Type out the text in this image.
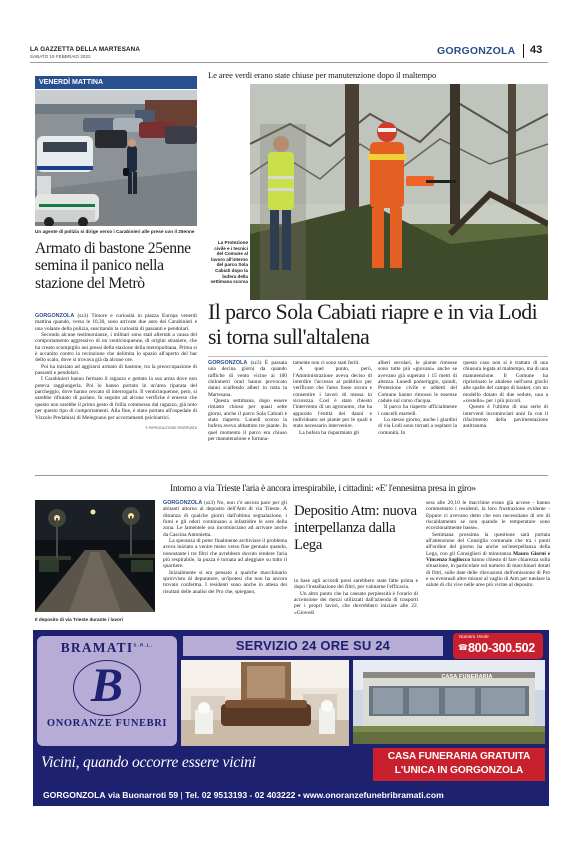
LA GAZZETTA DELLA MARTESANA
SABATO 19 FEBBRAIO 2022	GORGONZOLA 43
VENERDÌ MATTINA
Un agente di polizia si dirige verso i Carabinieri alle prese con il 25enne
Armato di bastone 25enne semina il panico nella stazione del Metrò

GORGONZOLA (sz3) Timore e curiosità in piazza Europa venerdì mattina quando, verso le 10,30, sono arrivate due auto dei Carabinieri e una volante della polizia, suscitando la curiosità di passanti e pendolari.

Secondo alcune testimonianze, i militari sono stati allertati a causa del comportamento aggressivo di un venticinquenne, di origini straniere, che ha creato scompiglio nei pressi della stazione della metropolitana. Prima si è accanito contro la recinzione che delimita lo spazio all'aperto del bar dello scalo, dove si trovava già da alcune ore.

Poi ha iniziato ad aggirarsi armato di bastone, tra la preoccupazione di passanti e pendolari.

I Carabinieri hanno fermato il ragazzo e gettato la sua arma dove non poteva raggiungerla. Poi lo hanno portato in un'area riparata del parcheggio, dove hanno cercato di interrogarlo. Il venticinquenne, però, si sarebbe rifiutato di parlare. In seguito ad alcune verifiche è emerso che questo non sarebbe il primo gesto di follia commesso dal ragazzo, già noto per questo tipo di comportamenti. Alla fine, è stato portato all'ospedale di Vizzolo Predabissi di Melegnano per accertamenti psichiatrici.

© RIPRODUZIONE RISERVATA

Le aree verdi erano state chiuse per manutenzione dopo il maltempo
La Protezione civile e i tecnici del Comune al lavoro all'interno del parco Sola Cabiati dopo la bufera della settimana scorsa
Il parco Sola Cabiati riapre e in via Lodi si torna sull'altalena

GORGONZOLA (sz3) È passata una decina giorni da quando raffiche di vento vicine ai 100 chilometri orari hanno provocato danni scalfendo alberi in tutta la Martesana.

Questa settimana, dopo essere rimasto chiuso per quasi sette giorni, anche il parco Sola Cabiati è stato riaperto. Lunedì scorso la bufera aveva abbattuto tre piante. In quel momento il parco era chiuso per manutenzione e fortuna-

tamente non ci sono stati feriti.

A quel punto, però, l'Amministrazione aveva deciso di interdire l'accesso al pubblico per verificare che l'area fosse sicura e consentire i lavori di messa in sicurezza. Così è stato chiesto l'intervento di un agronomo, che ha appurato l'entità dei danni e individuato sei piante per le quali è stato necessario intervenire.

La bufera ha risparmiato gli

alberi secolari, le piante rimosse sono tutte più «giovani» anche se avevano già superato i 15 metri di altezza. Lunedì pomeriggio, quindi, Protezione civile e addetti del Comune hanno rimosso le essenze cadute sul corso d'acqua.

Il parco ha riaperto ufficialmente i cancelli martedì.

Lo stesso giorno, anche i giardini di via Lodi sono tornati a ospitare la comunità. In

questo caso non si è trattato di una chiusura legata al maltempo, ma di una manutenzione. Il Comune ha ripristinato le altalene nell'area giochi alle spalle del campo di basket, con un modello dotato di due sedute, una a «cestello» per i più piccoli.

Questo è l'ultimo di una serie di interventi incominciati anni fa con il rifacimento della pavimentazione antitrauma.

Intorno a via Trieste l'aria è ancora irrespirabile, i cittadini: «E' l'ennesima presa in giro»
Il deposito di via Trieste durante i lavori

GORGONZOLA (sz3) No, non c'è ancora pace per gli abitanti attorno al deposito dell'Atm di via Trieste. A distanza di qualche giorni dall'ultima segnalazione, i fumi e gli odori continuano a infastidire le sere della zona. Le lamentele ora incominciano ad arrivare anche da Cascina Antonietta.

La speranza di poter finalmente archiviare il problema aveva iniziato a venire meno verso fine gennaio quando, nonostante i tre filtri che avrebbero dovuto rendere l'aria più respirabile, la puzza è tornata ad aleggiare su tutto il quartiere.

Inizialmente si era pensato a qualche macchinario sprovvisto di depuratore, un'ipotesi che non ha ancora trovato conferma. I residenti sono anche in attesa dei risultati delle analisi dei Pro che, spiegano,

Depositio Atm: nuova interpellanza dalla Lega

in base agli accordi presi sarebbero state fatte prima e dopo l'installazione dei filtri, per valutarne l'efficacia.

Un altro punto che ha causato perplessità è l'orario di accensione dei mezzi utilizzati dall'azienda di trasporti per i propri lavori, che dovrebbero iniziare alle 22. «Giovedì

sera alle 20,10 le macchine erano già accese - hanno commentato i residenti, la loro frustrazione evidente - Eppure ci avevano detto che non necessitano di ore di riscaldamento se non quando le temperature sono eccezionalmente basse».

Settimana prossima la questione sarà portata all'attenzione del Consiglio comunale che tra i punti all'ordine del giorno ha anche un'interpellanza della Lega, con gli Consiglieri di minoranza Mauro Giorni e Vincenzo Sagliocco hanno chiesto di fare chiarezza sulla situazione, in particolare sul numero di macchinari dotati di filtri, sulle date delle rilevazioni dell'emissione di Pro e su eventuali altre misure al vaglio di Atm per tutelare la salute di chi vive nelle aree più vicine al deposito.

SERVIZIO 24 ORE SU 24
Numero Verde
☎ 800-300.502
$BRAMATI^{S.R.L.}$
B
ONORANZE FUNEBRI
CASA FUNERARIA
Vicini, quando occorre essere vicini	CASA FUNERARIA GRATUITA
L'UNICA IN GORGONZOLA
GORGONZOLA via Buonarroti 59 | Tel. 02 9513193 - 02 403222 • www.onoranzefunebribramati.com
